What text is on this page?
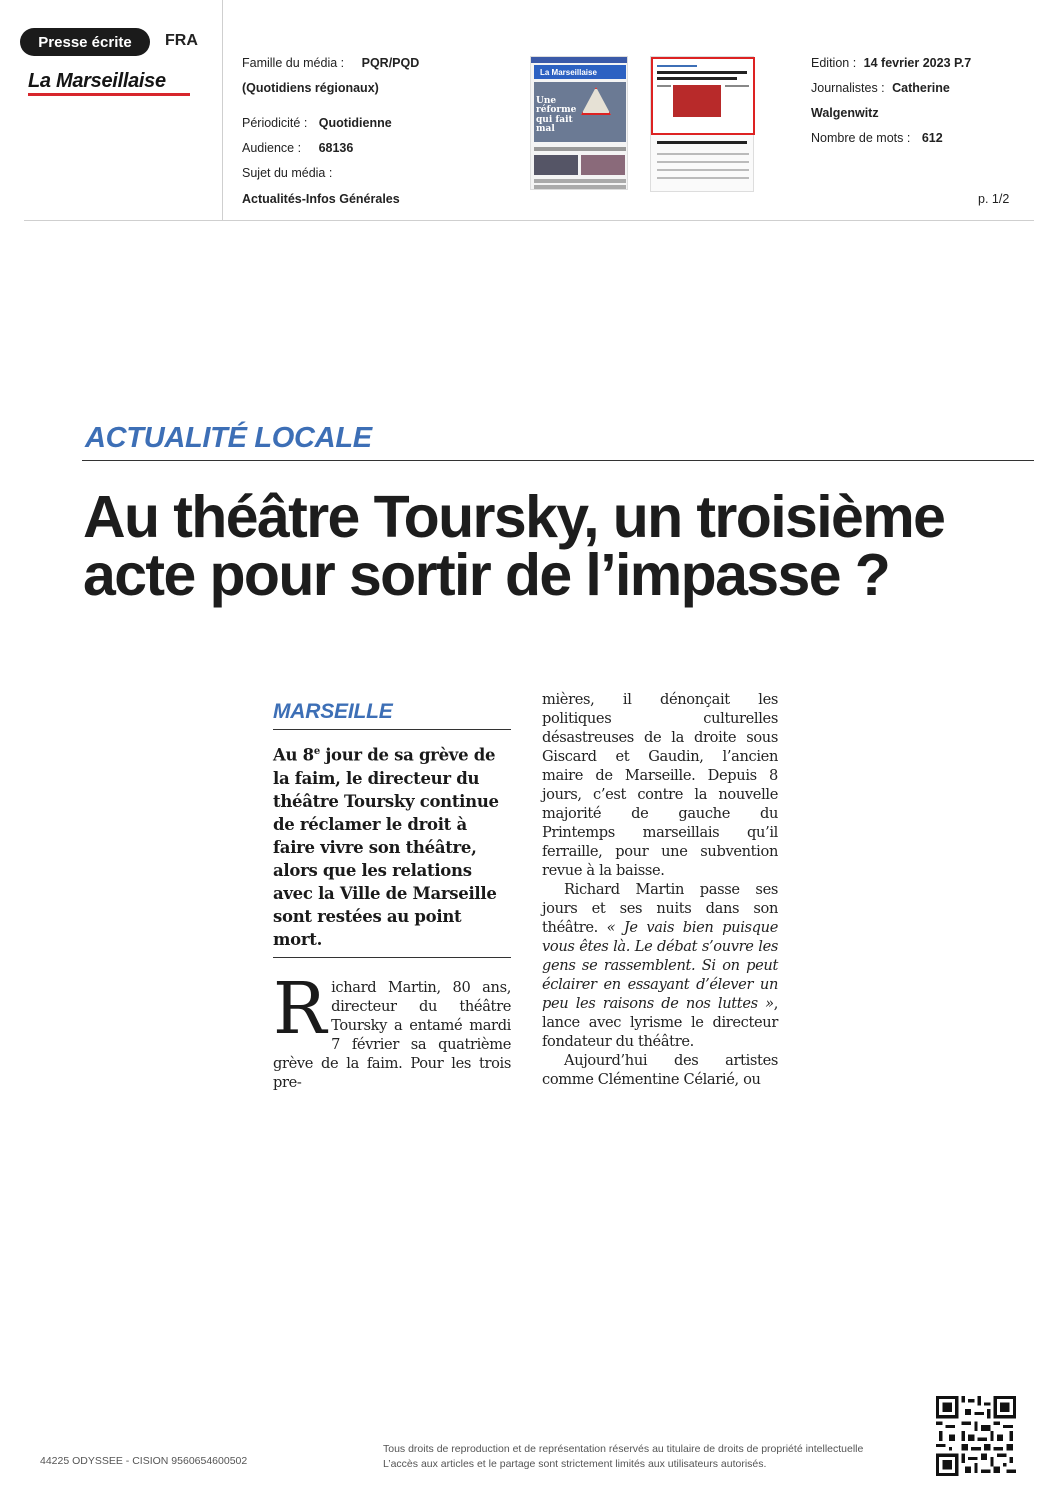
Presse écrite	FRA
La Marseillaise
Famille du média : PQR/PQD
(Quotidiens régionaux)
Périodicité : Quotidienne
Audience : 68136
Sujet du média :
Actualités-Infos Générales
La Marseillaise
Une
réforme
qui fait
mal
Edition : 14 fevrier 2023 P.7
Journalistes : Catherine
Walgenwitz
Nombre de mots : 612
p. 1/2
ACTUALITÉ LOCALE
Au théâtre Toursky, un troisième
acte pour sortir de l’impasse ?
MARSEILLE
Au 8e jour de sa grève de la faim, le directeur du théâtre Toursky continue de réclamer le droit à faire vivre son théâtre, alors que les relations avec la Ville de Marseille sont restées au point mort.
Richard Martin, 80 ans, directeur du théâtre Toursky a entamé mardi 7 février sa quatrième grève de la faim. Pour les trois pre-
mières, il dénonçait les politiques culturelles désastreuses de la droite sous Giscard et Gaudin, l’ancien maire de Marseille. Depuis 8 jours, c’est contre la nouvelle majorité de gauche du Printemps marseillais qu’il ferraille, pour une subvention revue à la baisse.
Richard Martin passe ses jours et ses nuits dans son théâtre. « Je vais bien puisque vous êtes là. Le débat s’ouvre les gens se rassemblent. Si on peut éclairer en essayant d’élever un peu les raisons de nos luttes », lance avec lyrisme le directeur fondateur du théâtre.
Aujourd’hui des artistes comme Clémentine Célarié, ou
44225 ODYSSEE - CISION 9560654600502
Tous droits de reproduction et de représentation réservés au titulaire de droits de propriété intellectuelle
L’accès aux articles et le partage sont strictement limités aux utilisateurs autorisés.
